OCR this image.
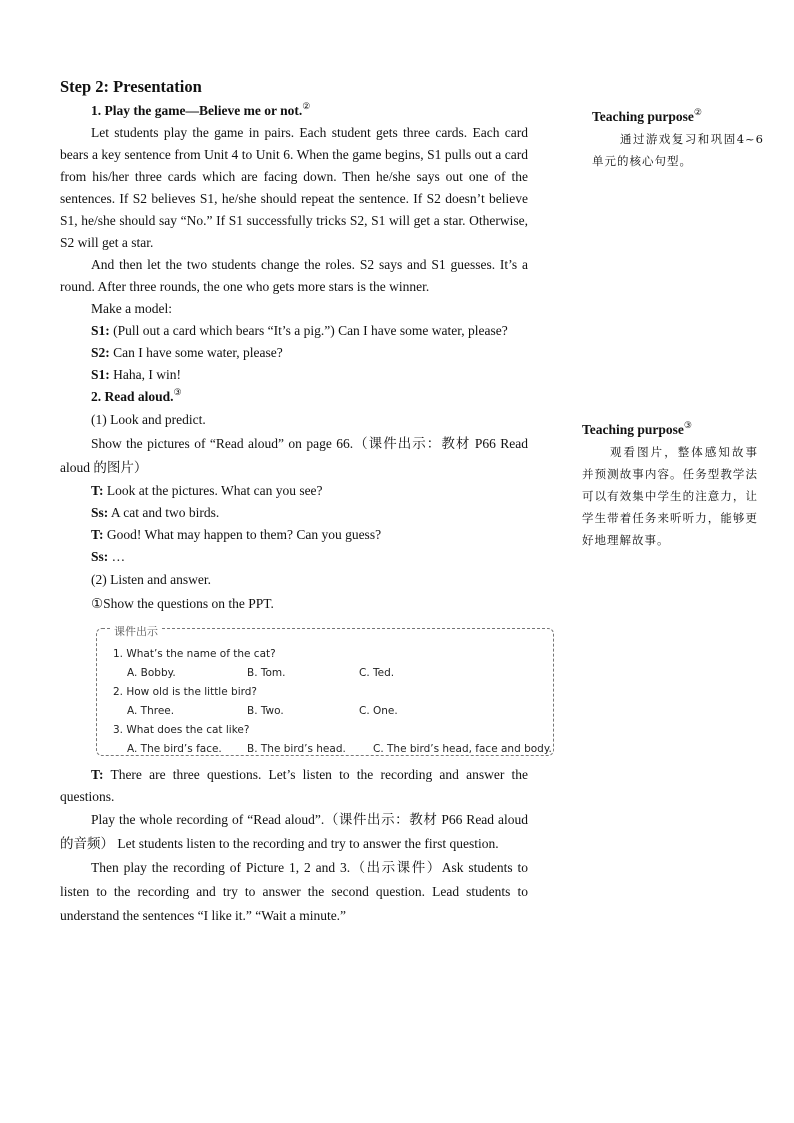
Step 2: Presentation

1. Play the game—Believe me or not.②

Let students play the game in pairs. Each student gets three cards. Each card bears a key sentence from Unit 4 to Unit 6. When the game begins, S1 pulls out a card from his/her three cards which are facing down. Then he/she says out one of the sentences. If S2 believes S1, he/she should repeat the sentence. If S2 doesn’t believe S1, he/she should say “No.” If S1 successfully tricks S2, S1 will get a star. Otherwise, S2 will get a star.

And then let the two students change the roles. S2 says and S1 guesses. It’s a round. After three rounds, the one who gets more stars is the winner.

Make a model:

S1: (Pull out a card which bears “It’s a pig.”) Can I have some water, please?

S2: Can I have some water, please?

S1: Haha, I win!

2. Read aloud.③

(1) Look and predict.

Show the pictures of “Read aloud” on page 66.（课件出示：教材 P66 Read aloud 的图片）

T: Look at the pictures. What can you see?

Ss: A cat and two birds.

T: Good! What may happen to them? Can you guess?

Ss: …

(2) Listen and answer.

①Show the questions on the PPT.

课件出示
1. What’s the name of the cat?
A. Bobby.	B. Tom.	C. Ted.
2. How old is the little bird?
A. Three.	B. Two.	C. One.
3. What does the cat like?
A. The bird’s face. B. The bird’s head.	C. The bird’s head, face and body.

T: There are three questions. Let’s listen to the recording and answer the questions.

Play the whole recording of “Read aloud”.（课件出示：教材 P66 Read aloud 的音频） Let students listen to the recording and try to answer the first question.

Then play the recording of Picture 1, 2 and 3.（出示课件）Ask students to listen to the recording and try to answer the second question. Lead students to understand the sentences “I like it.” “Wait a minute.”

Teaching purpose②
通过游戏复习和巩固4~6单元的核心句型。
Teaching purpose③
观看图片，整体感知故事并预测故事内容。任务型教学法可以有效集中学生的注意力，让学生带着任务来听听力，能够更好地理解故事。
